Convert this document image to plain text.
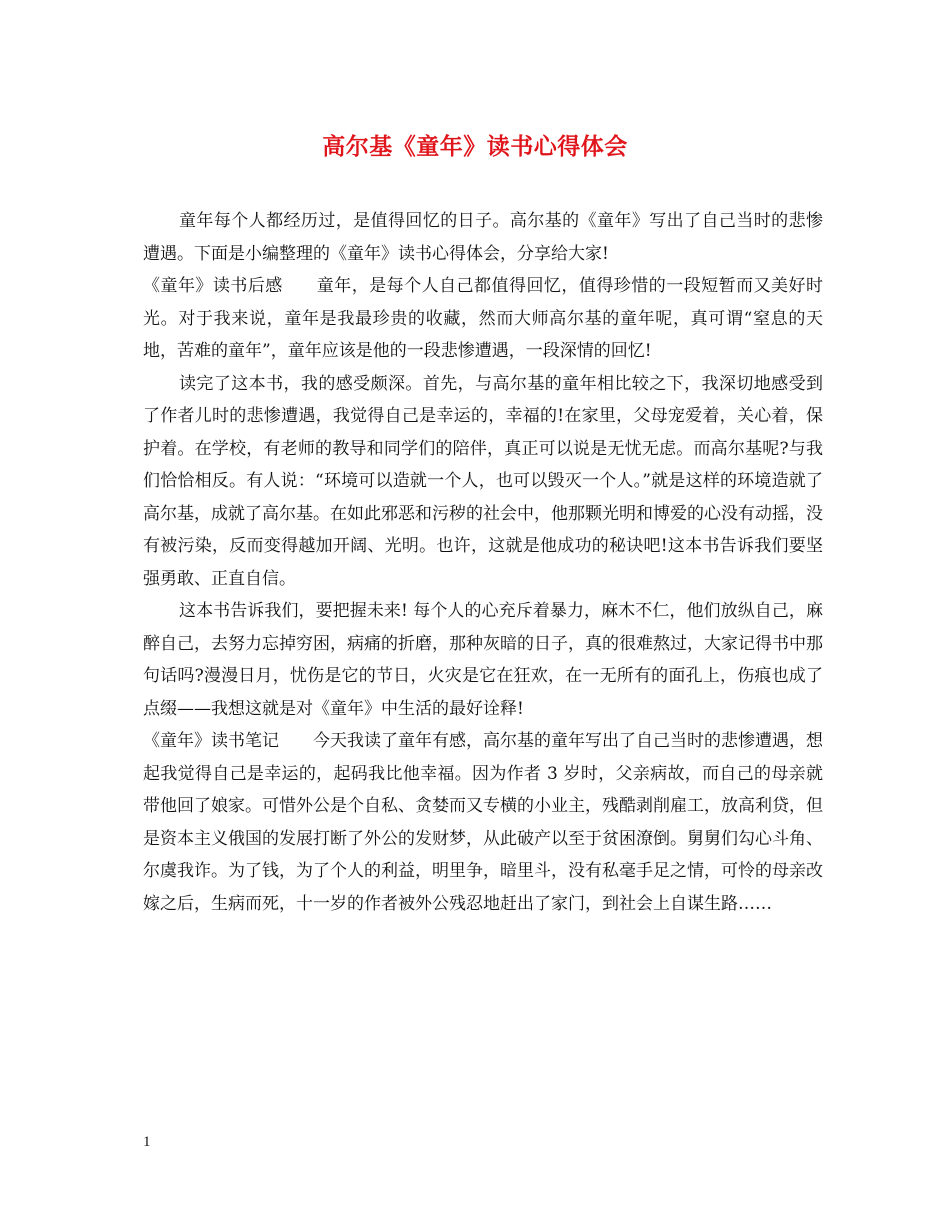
高尔基《童年》读书心得体会

童年每个人都经历过，是值得回忆的日子。高尔基的《童年》写出了自己当时的悲惨遭遇。下面是小编整理的《童年》读书心得体会，分享给大家!

《童年》读书后感 童年，是每个人自己都值得回忆，值得珍惜的一段短暂而又美好时光。对于我来说，童年是我最珍贵的收藏，然而大师高尔基的童年呢，真可谓“窒息的天地，苦难的童年”，童年应该是他的一段悲惨遭遇，一段深情的回忆!

读完了这本书，我的感受颇深。首先，与高尔基的童年相比较之下，我深切地感受到了作者儿时的悲惨遭遇，我觉得自己是幸运的，幸福的!在家里，父母宠爱着，关心着，保护着。在学校，有老师的教导和同学们的陪伴，真正可以说是无忧无虑。而高尔基呢?与我们恰恰相反。有人说：“环境可以造就一个人，也可以毁灭一个人。”就是这样的环境造就了高尔基，成就了高尔基。在如此邪恶和污秽的社会中，他那颗光明和博爱的心没有动摇，没有被污染，反而变得越加开阔、光明。也许，这就是他成功的秘诀吧!这本书告诉我们要坚强勇敢、正直自信。

这本书告诉我们，要把握未来! 每个人的心充斥着暴力，麻木不仁，他们放纵自己，麻醉自己，去努力忘掉穷困，病痛的折磨，那种灰暗的日子，真的很难熬过，大家记得书中那句话吗?漫漫日月，忧伤是它的节日，火灾是它在狂欢，在一无所有的面孔上，伤痕也成了点缀——我想这就是对《童年》中生活的最好诠释!

《童年》读书笔记 今天我读了童年有感，高尔基的童年写出了自己当时的悲惨遭遇，想起我觉得自己是幸运的，起码我比他幸福。因为作者 3 岁时，父亲病故，而自己的母亲就带他回了娘家。可惜外公是个自私、贪婪而又专横的小业主，残酷剥削雇工，放高利贷，但是资本主义俄国的发展打断了外公的发财梦，从此破产以至于贫困潦倒。舅舅们勾心斗角、尔虞我诈。为了钱，为了个人的利益，明里争，暗里斗，没有私毫手足之情，可怜的母亲改嫁之后，生病而死，十一岁的作者被外公残忍地赶出了家门，到社会上自谋生路……

1
